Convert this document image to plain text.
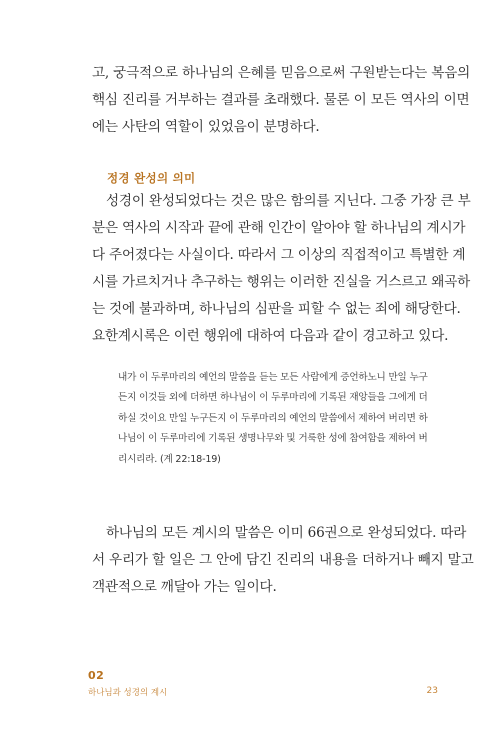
고, 궁극적으로 하나님의 은혜를 믿음으로써 구원받는다는 복음의
핵심 진리를 거부하는 결과를 초래했다. 물론 이 모든 역사의 이면
에는 사탄의 역할이 있었음이 분명하다.

정경 완성의 의미

성경이 완성되었다는 것은 많은 함의를 지닌다. 그중 가장 큰 부
분은 역사의 시작과 끝에 관해 인간이 알아야 할 하나님의 계시가
다 주어졌다는 사실이다. 따라서 그 이상의 직접적이고 특별한 계
시를 가르치거나 추구하는 행위는 이러한 진실을 거스르고 왜곡하
는 것에 불과하며, 하나님의 심판을 피할 수 없는 죄에 해당한다.
요한계시록은 이런 행위에 대하여 다음과 같이 경고하고 있다.

내가 이 두루마리의 예언의 말씀을 듣는 모든 사람에게 증언하노니 만일 누구
든지 이것들 외에 더하면 하나님이 이 두루마리에 기록된 재앙들을 그에게 더
하실 것이요 만일 누구든지 이 두루마리의 예언의 말씀에서 제하여 버리면 하
나님이 이 두루마리에 기록된 생명나무와 및 거룩한 성에 참여함을 제하여 버
리시리라. (계 22:18-19)

하나님의 모든 계시의 말씀은 이미 66권으로 완성되었다. 따라
서 우리가 할 일은 그 안에 담긴 진리의 내용을 더하거나 빼지 말고
객관적으로 깨달아 가는 일이다.

02
하나님과 성경의 계시	23
